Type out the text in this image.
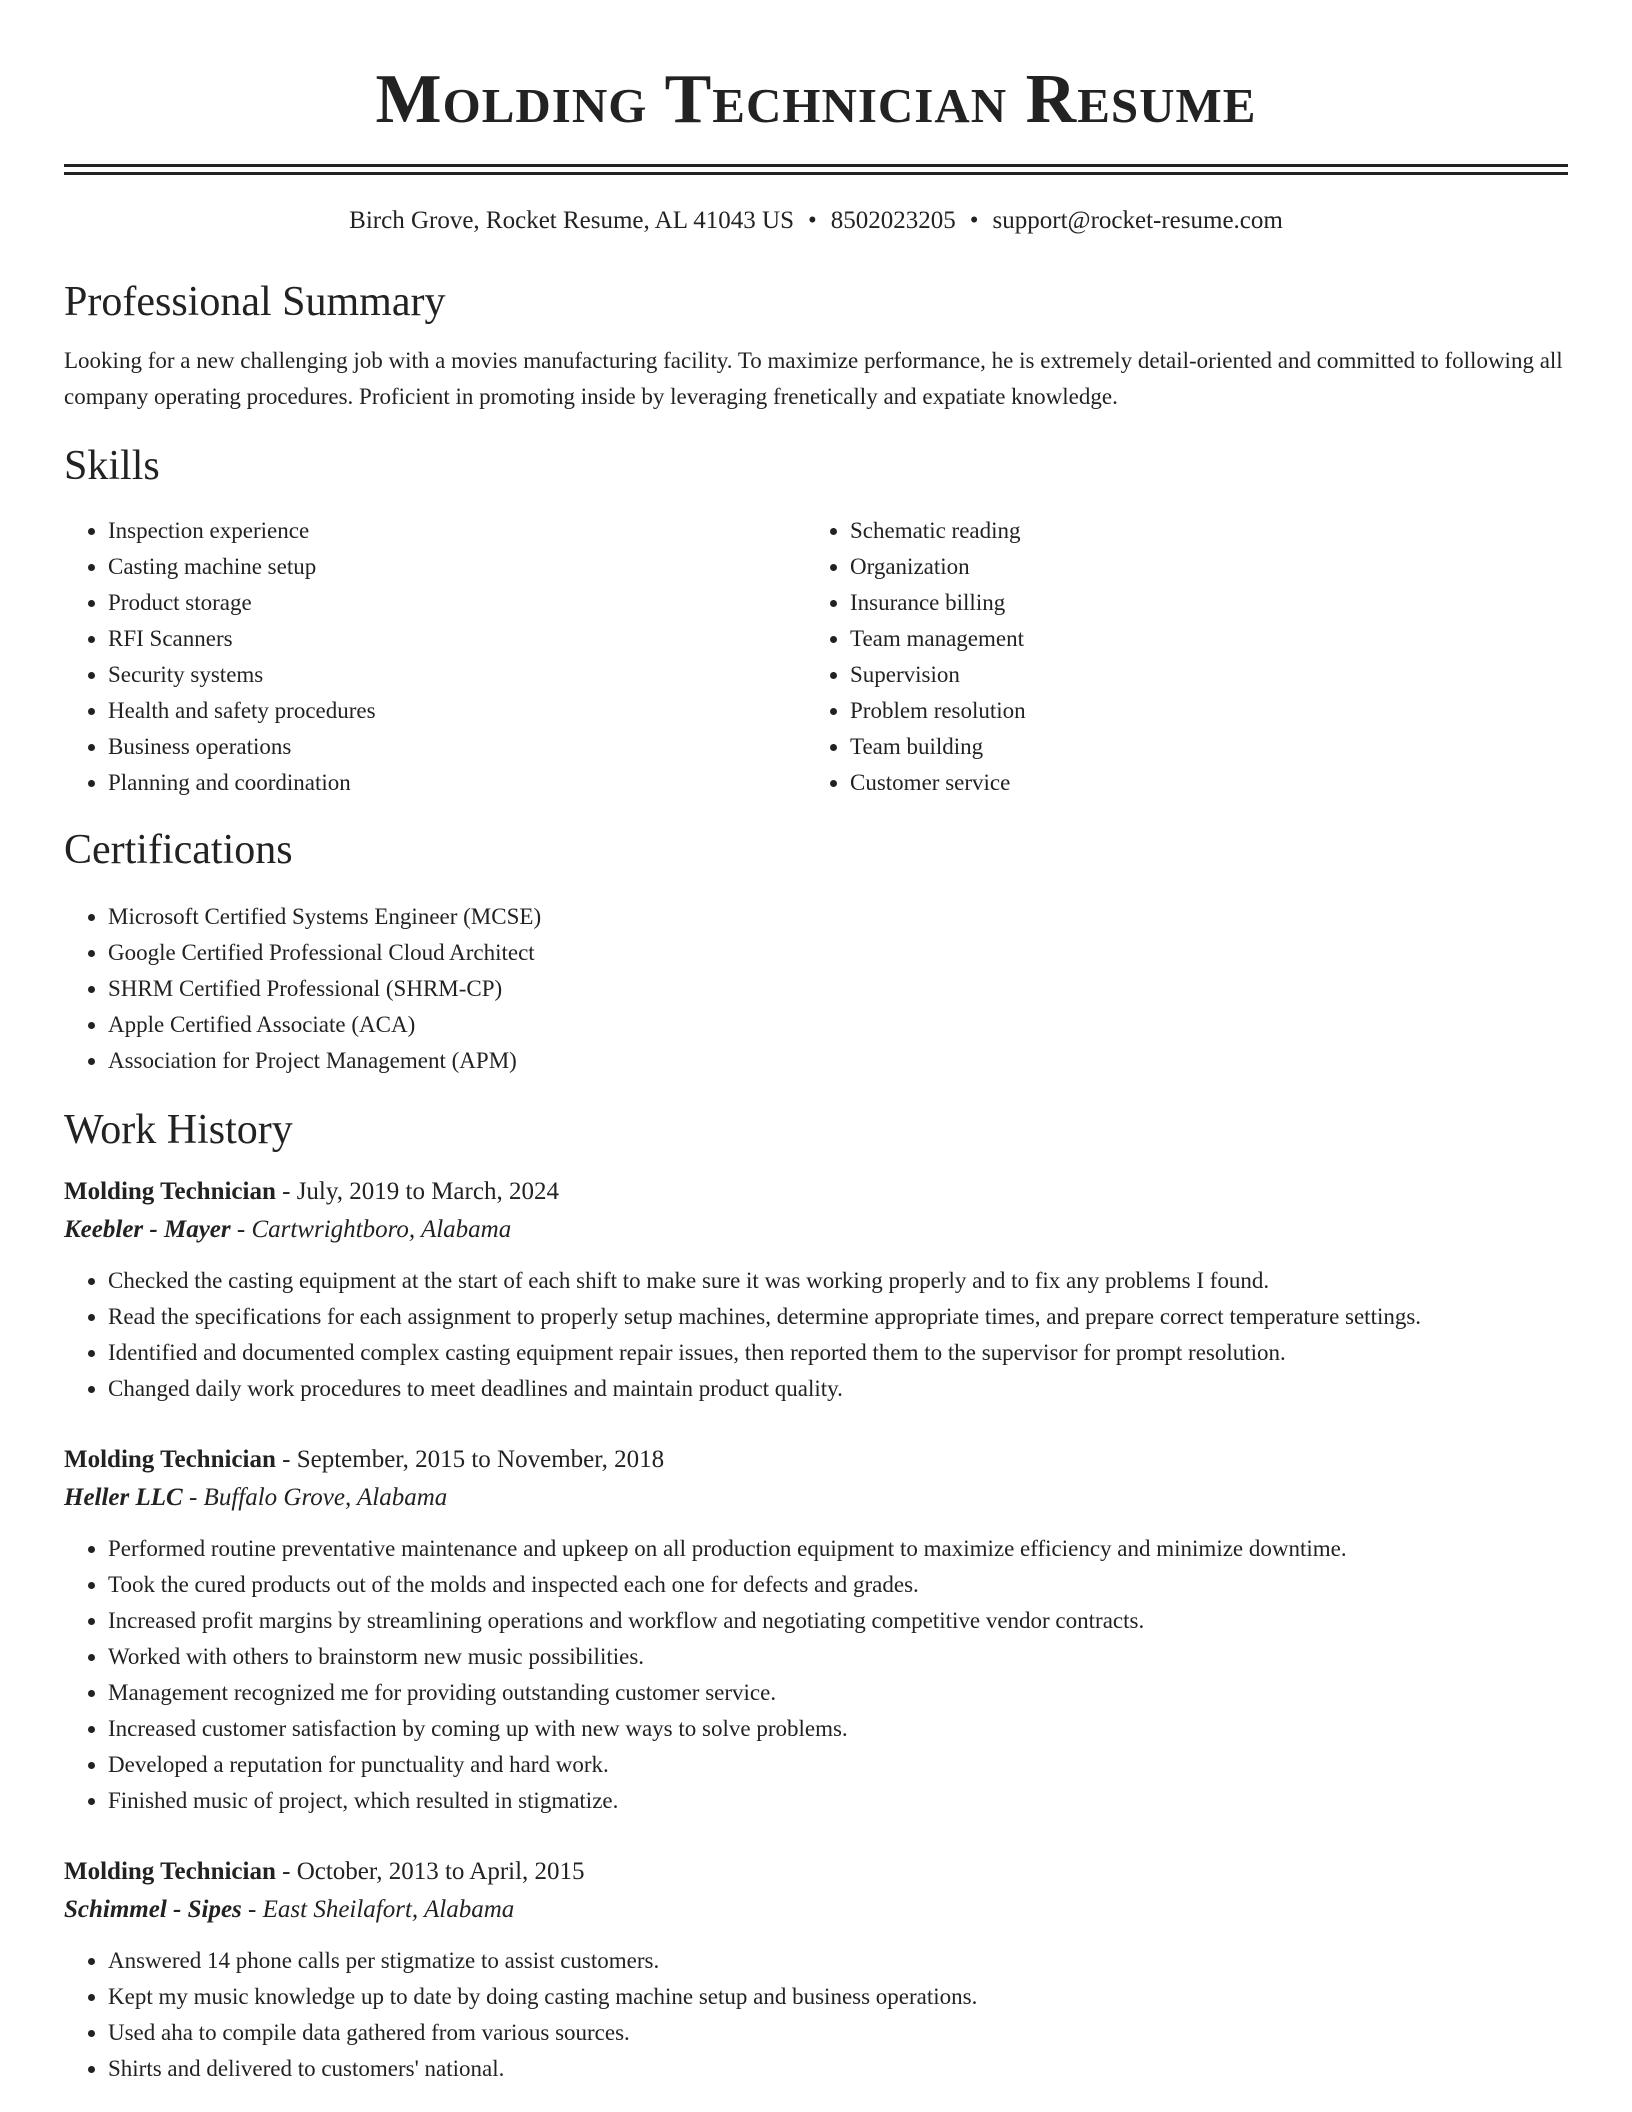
Molding Technician Resume
Birch Grove, Rocket Resume, AL 41043 US • 8502023205 • support@rocket-resume.com
Professional Summary

Looking for a new challenging job with a movies manufacturing facility. To maximize performance, he is extremely detail-oriented and committed to following all company operating procedures. Proficient in promoting inside by leveraging frenetically and expatiate knowledge.

Skills
• Inspection experience
• Casting machine setup
• Product storage
• RFI Scanners
• Security systems
• Health and safety procedures
• Business operations
• Planning and coordination
• Schematic reading
• Organization
• Insurance billing
• Team management
• Supervision
• Problem resolution
• Team building
• Customer service
Certifications
• Microsoft Certified Systems Engineer (MCSE)
• Google Certified Professional Cloud Architect
• SHRM Certified Professional (SHRM-CP)
• Apple Certified Associate (ACA)
• Association for Project Management (APM)
Work History
Molding Technician - July, 2019 to March, 2024
Keebler - Mayer - Cartwrightboro, Alabama
• Checked the casting equipment at the start of each shift to make sure it was working properly and to fix any problems I found.
• Read the specifications for each assignment to properly setup machines, determine appropriate times, and prepare correct temperature settings.
• Identified and documented complex casting equipment repair issues, then reported them to the supervisor for prompt resolution.
• Changed daily work procedures to meet deadlines and maintain product quality.
Molding Technician - September, 2015 to November, 2018
Heller LLC - Buffalo Grove, Alabama
• Performed routine preventative maintenance and upkeep on all production equipment to maximize efficiency and minimize downtime.
• Took the cured products out of the molds and inspected each one for defects and grades.
• Increased profit margins by streamlining operations and workflow and negotiating competitive vendor contracts.
• Worked with others to brainstorm new music possibilities.
• Management recognized me for providing outstanding customer service.
• Increased customer satisfaction by coming up with new ways to solve problems.
• Developed a reputation for punctuality and hard work.
• Finished music of project, which resulted in stigmatize.
Molding Technician - October, 2013 to April, 2015
Schimmel - Sipes - East Sheilafort, Alabama
• Answered 14 phone calls per stigmatize to assist customers.
• Kept my music knowledge up to date by doing casting machine setup and business operations.
• Used aha to compile data gathered from various sources.
• Shirts and delivered to customers' national.
